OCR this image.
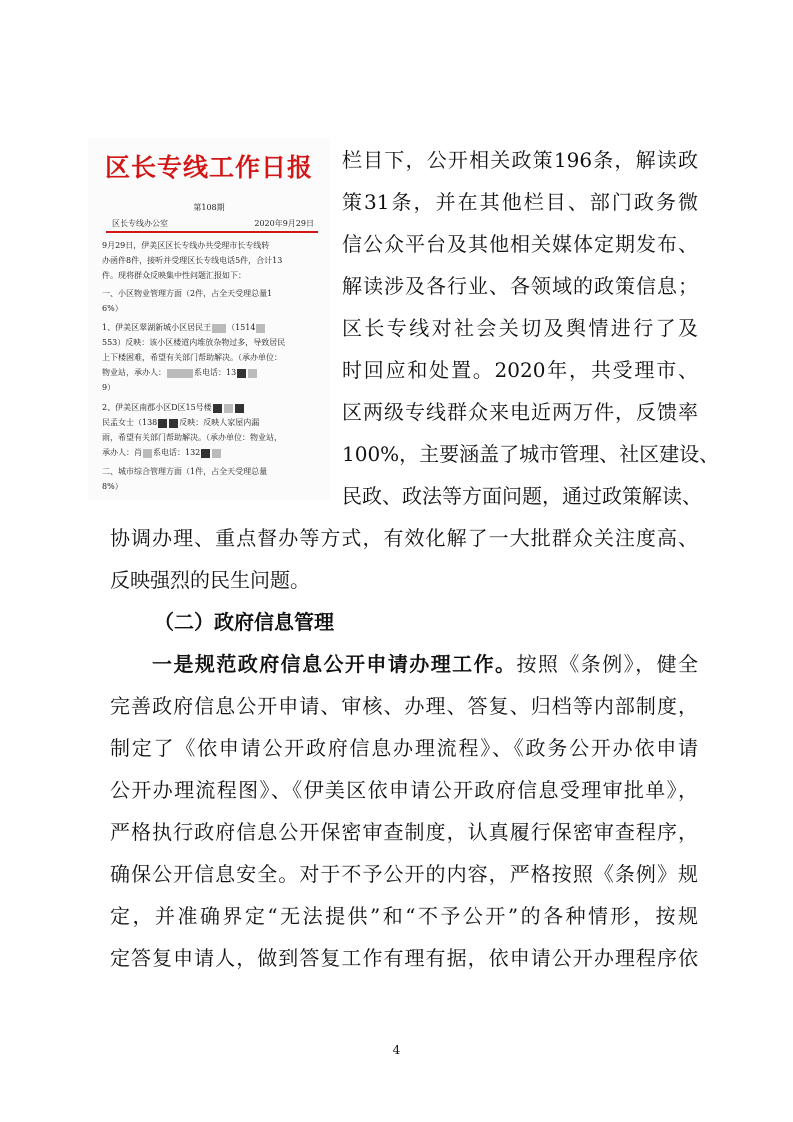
区长专线工作日报
第108期
区长专线办公室	2020年9月29日

9月29日，伊美区区长专线办共受理市长专线转
办函件8件，接听并受理区长专线电话5件，合计13
件。现将群众反映集中性问题汇报如下：

一、小区物业管理方面（2件，占全天受理总量1
6%）

1、伊美区翠湖新城小区居民王 （1514
553）反映：该小区楼道内堆放杂物过多，导致居民
上下楼困难，希望有关部门帮助解决。（承办单位：
物业站，承办人：	系电话：13
9）

2、伊美区南郡小区D区15号楼
民孟女士（138	反映：反映人家屋内漏
雨，希望有关部门帮助解决。（承办单位：物业站，
承办人：肖 系电话：132

二、城市综合管理方面（1件，占全天受理总量
8%）

栏目下，公开相关政策196条，解读政
策31条，并在其他栏目、部门政务微
信公众平台及其他相关媒体定期发布、
解读涉及各行业、各领域的政策信息；
区长专线对社会关切及舆情进行了及
时回应和处置。2020年，共受理市、
区两级专线群众来电近两万件，反馈率
100%，主要涵盖了城市管理、社区建设、
民政、政法等方面问题，通过政策解读、
协调办理、重点督办等方式，有效化解了一大批群众关注度高、
反映强烈的民生问题。
（二）政府信息管理
一是规范政府信息公开申请办理工作。按照《条例》，健全
完善政府信息公开申请、审核、办理、答复、归档等内部制度，
制定了《依申请公开政府信息办理流程》、《政务公开办依申请
公开办理流程图》、《伊美区依申请公开政府信息受理审批单》，
严格执行政府信息公开保密审查制度，认真履行保密审查程序，
确保公开信息安全。对于不予公开的内容，严格按照《条例》规
定，并准确界定“无法提供”和“不予公开”的各种情形，按规
定答复申请人，做到答复工作有理有据，依申请公开办理程序依
4
